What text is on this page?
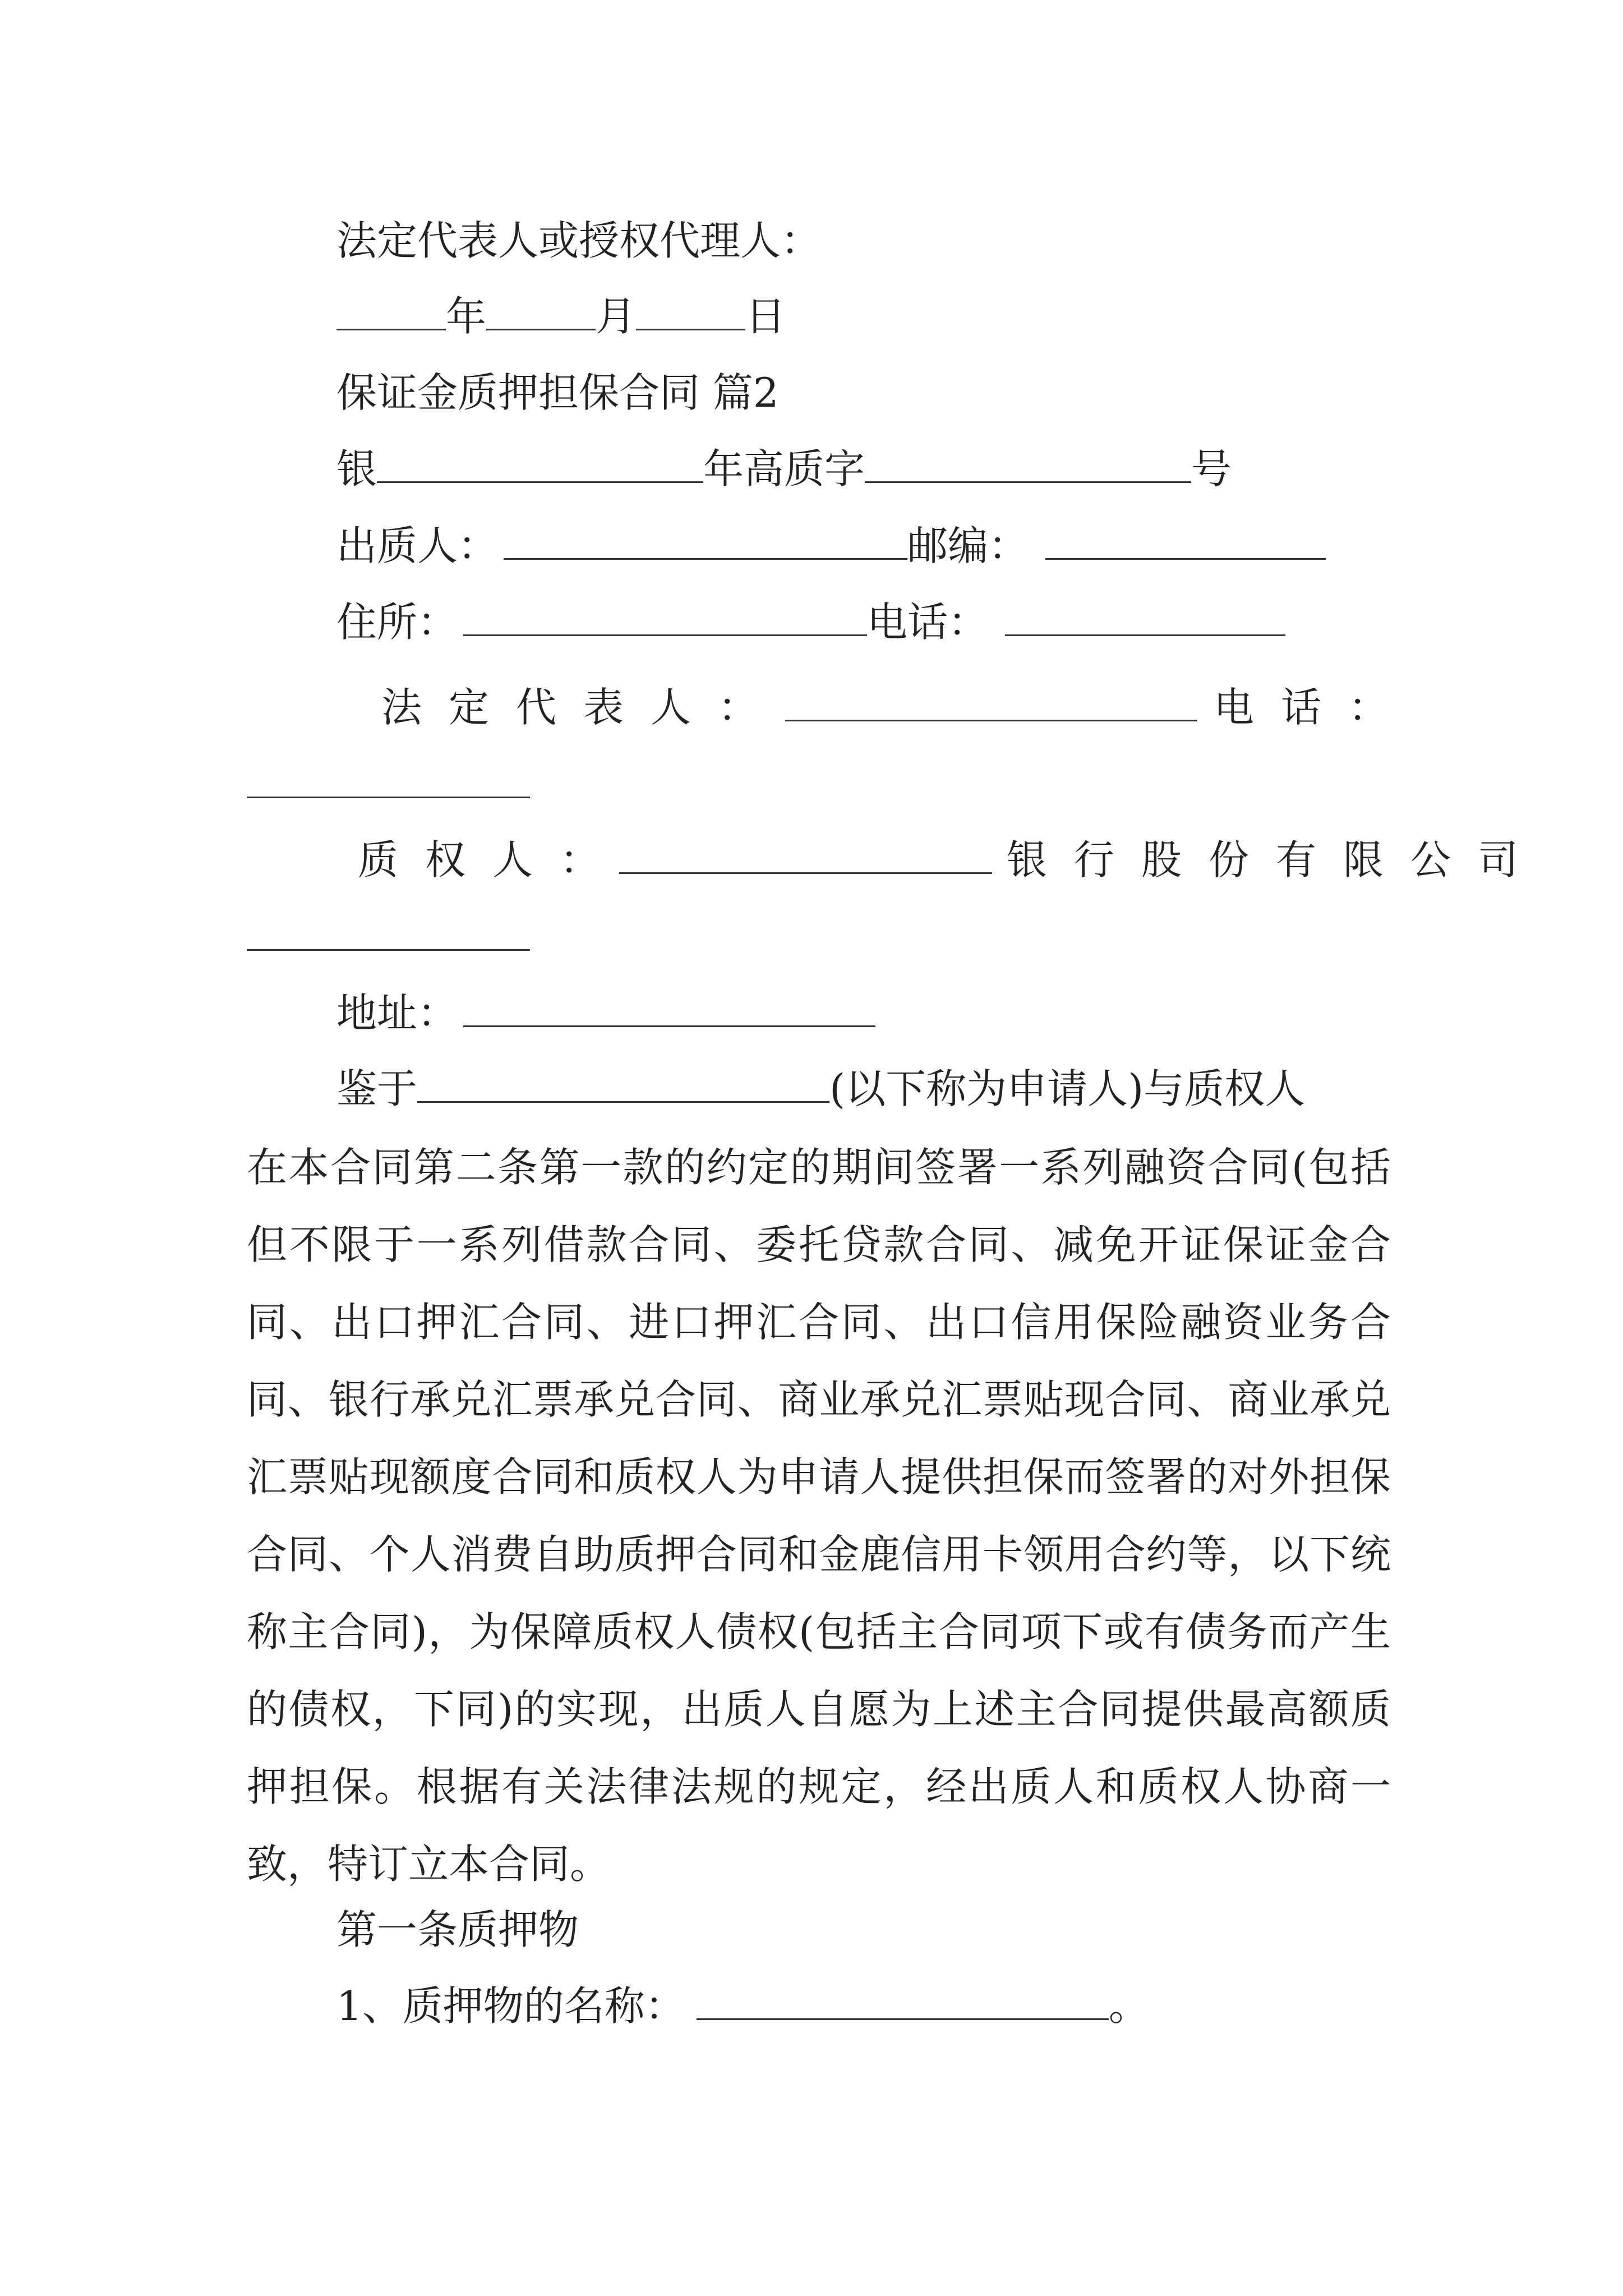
法定代表人或授权代理人：
年	月	日
保证金质押担保合同 篇2
银	年高质字	号
出质人：	邮编：
住所：	电话：
法定代表人：	电话：
质权人：	银行股份有限公司
地址：
鉴于	(以下称为申请人)与质权人
在本合同第二条第一款的约定的期间签署一系列融资合同(包括但不限于一系列借款合同、委托贷款合同、减免开证保证金合同、出口押汇合同、进口押汇合同、出口信用保险融资业务合同、银行承兑汇票承兑合同、商业承兑汇票贴现合同、商业承兑汇票贴现额度合同和质权人为申请人提供担保而签署的对外担保合同、个人消费自助质押合同和金鹿信用卡领用合约等，以下统称主合同)，为保障质权人债权(包括主合同项下或有债务而产生的债权，下同)的实现，出质人自愿为上述主合同提供最高额质押担保。根据有关法律法规的规定，经出质人和质权人协商一致，特订立本合同。
第一条质押物
1、质押物的名称：	。
